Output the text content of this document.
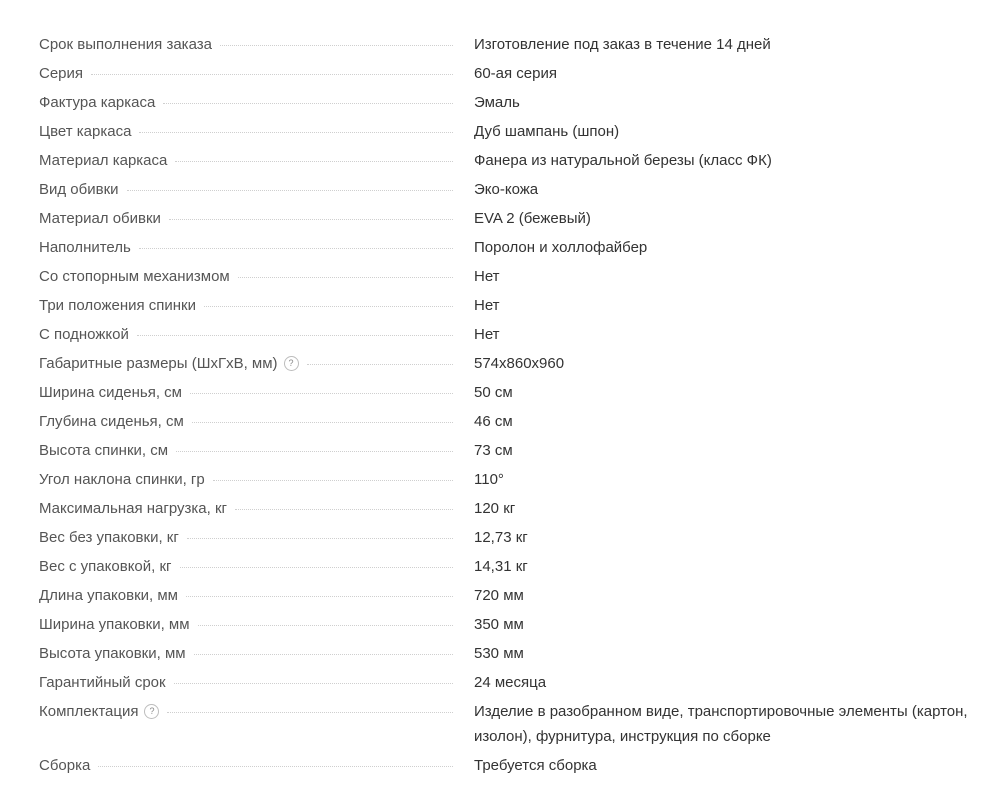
Срок выполнения заказа	Изготовление под заказ в течение 14 дней
Серия	60-ая серия
Фактура каркаса	Эмаль
Цвет каркаса	Дуб шампань (шпон)
Материал каркаса	Фанера из натуральной березы (класс ФК)
Вид обивки	Эко-кожа
Материал обивки	EVA 2 (бежевый)
Наполнитель	Поролон и холлофайбер
Со стопорным механизмом	Нет
Три положения спинки	Нет
С подножкой	Нет
Габаритные размеры (ШхГхВ, мм)	?	574x860x960
Ширина сиденья, см	50 см
Глубина сиденья, см	46 см
Высота спинки, см	73 см
Угол наклона спинки, гр	110°
Максимальная нагрузка, кг	120 кг
Вес без упаковки, кг	12,73 кг
Вес с упаковкой, кг	14,31 кг
Длина упаковки, мм	720 мм
Ширина упаковки, мм	350 мм
Высота упаковки, мм	530 мм
Гарантийный срок	24 месяца
Комплектация	?	Изделие в разобранном виде, транспортировочные элементы (картон, изолон), фурнитура, инструкция по сборке
Сборка	Требуется сборка
